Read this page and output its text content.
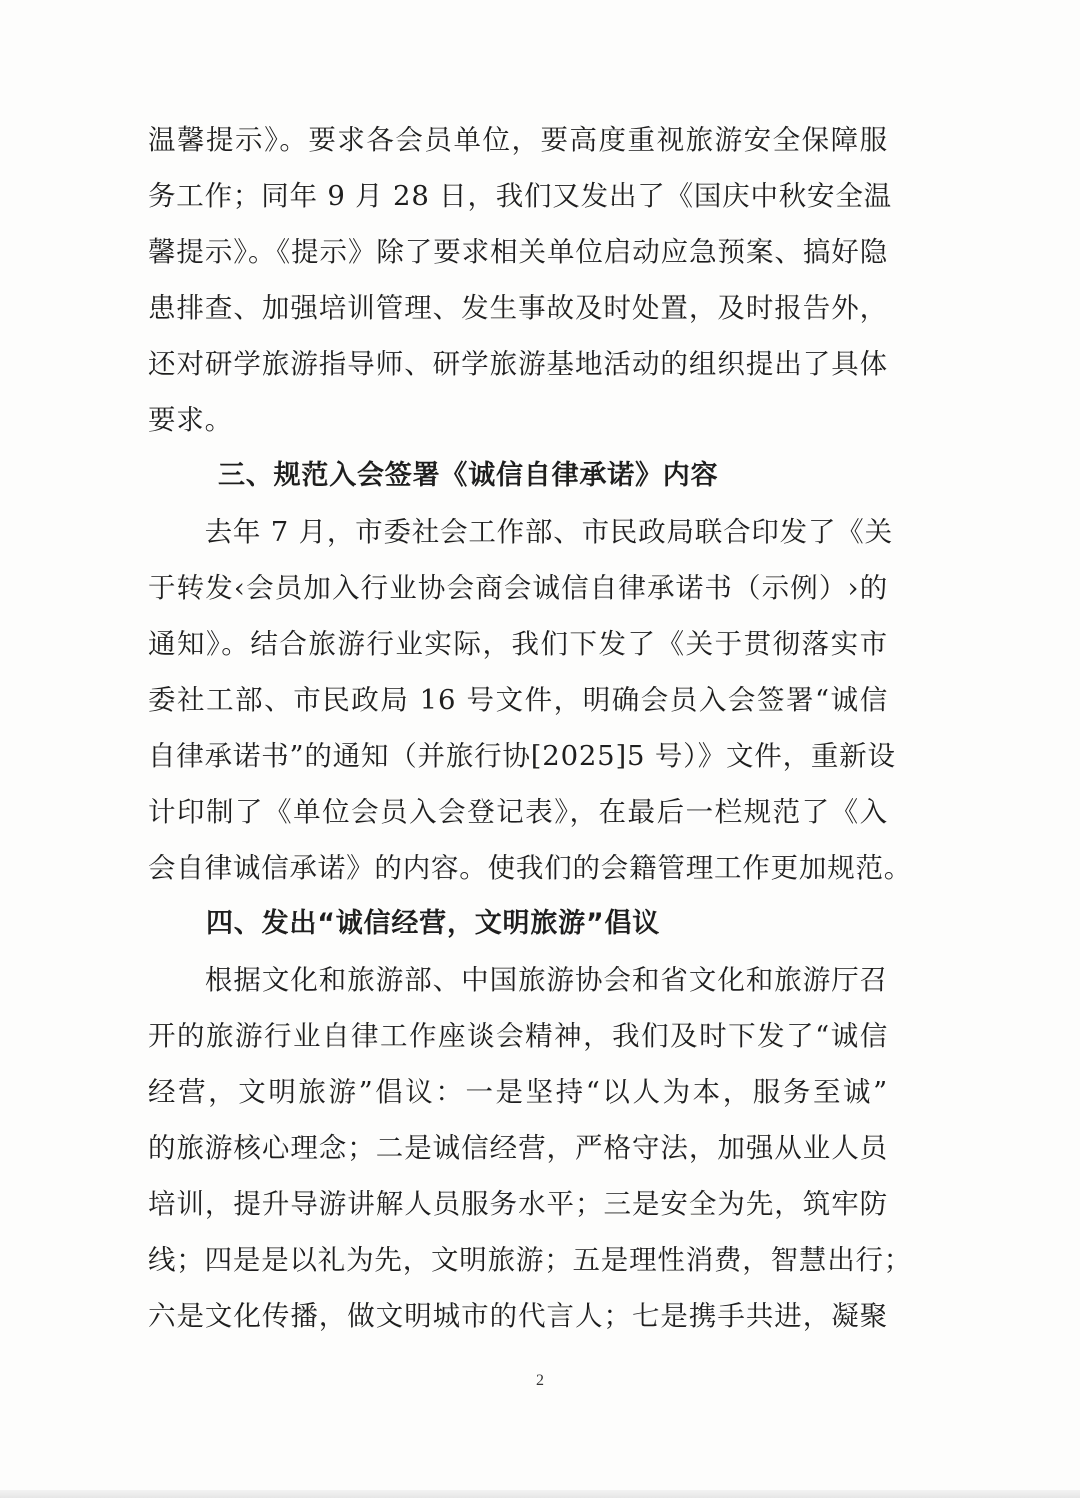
温馨提示》。要求各会员单位，要高度重视旅游安全保障服
务工作；同年 9 月 28 日，我们又发出了《国庆中秋安全温
馨提示》。《提示》除了要求相关单位启动应急预案、搞好隐
患排查、加强培训管理、发生事故及时处置，及时报告外，
还对研学旅游指导师、研学旅游基地活动的组织提出了具体
要求。
三、规范入会签署《诚信自律承诺》内容
　　去年 7 月，市委社会工作部、市民政局联合印发了《关
于转发‹会员加入行业协会商会诚信自律承诺书（示例）›的
通知》。结合旅游行业实际，我们下发了《关于贯彻落实市
委社工部、市民政局 16 号文件，明确会员入会签署“诚信
自律承诺书”的通知（并旅行协[2025]5 号）》文件，重新设
计印制了《单位会员入会登记表》，在最后一栏规范了《入
会自律诚信承诺》的内容。使我们的会籍管理工作更加规范。
四、发出“诚信经营，文明旅游”倡议
　　根据文化和旅游部、中国旅游协会和省文化和旅游厅召
开的旅游行业自律工作座谈会精神，我们及时下发了“诚信
经营，文明旅游”倡议：一是坚持“以人为本，服务至诚”
的旅游核心理念；二是诚信经营，严格守法，加强从业人员
培训，提升导游讲解人员服务水平；三是安全为先，筑牢防
线；四是是以礼为先，文明旅游；五是理性消费，智慧出行；
六是文化传播，做文明城市的代言人；七是携手共进，凝聚
2
